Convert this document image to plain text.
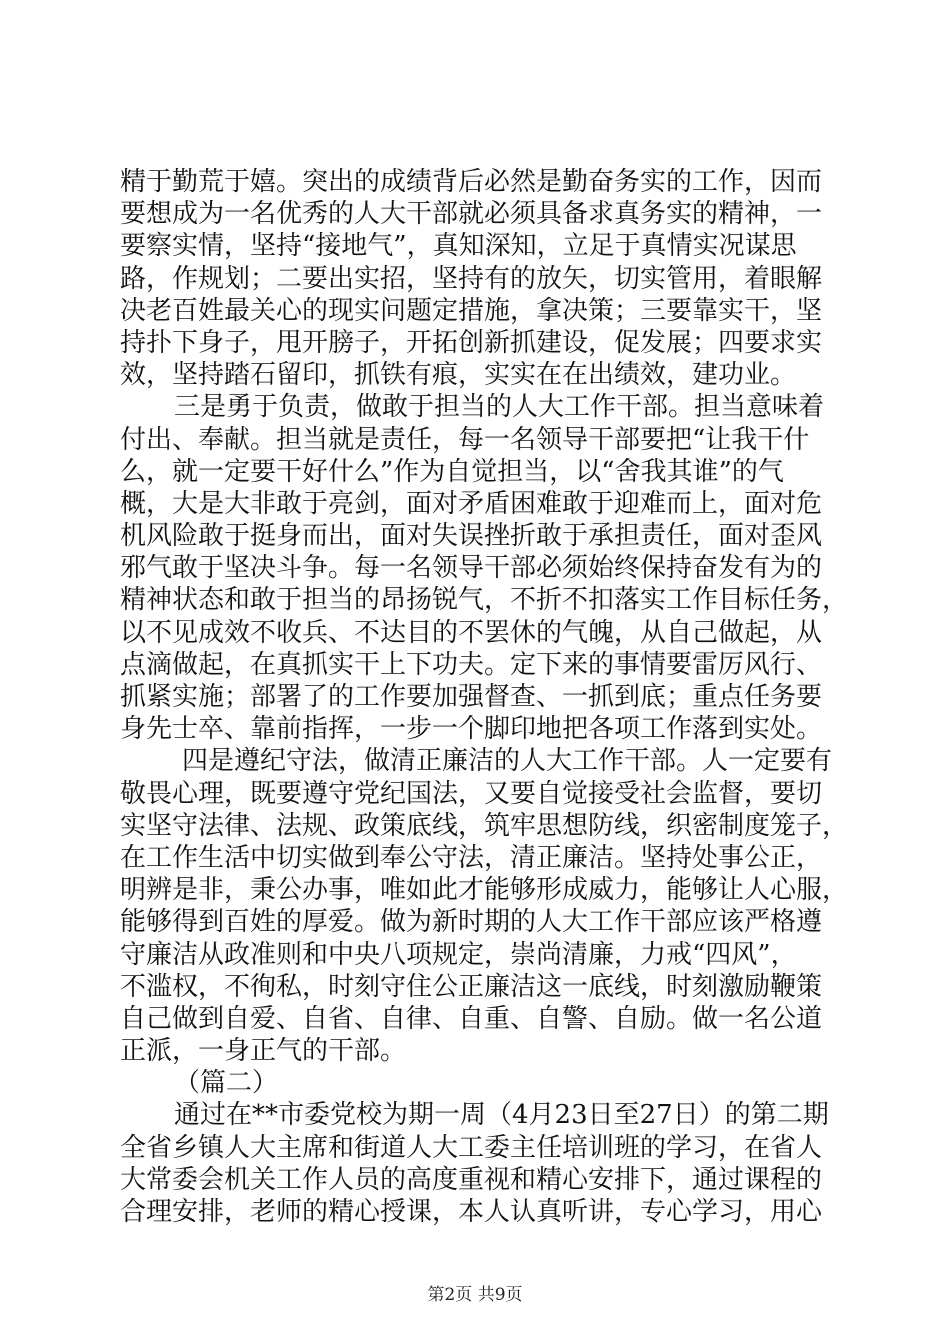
精于勤荒于嬉。突出的成绩背后必然是勤奋务实的工作，因而
要想成为一名优秀的人大干部就必须具备求真务实的精神，一
要察实情，坚持“接地气”，真知深知，立足于真情实况谋思
路，作规划；二要出实招，坚持有的放矢，切实管用，着眼解
决老百姓最关心的现实问题定措施，拿决策；三要靠实干，坚
持扑下身子，甩开膀子，开拓创新抓建设，促发展；四要求实
效，坚持踏石留印，抓铁有痕，实实在在出绩效，建功业。
三是勇于负责，做敢于担当的人大工作干部。担当意味着
付出、奉献。担当就是责任，每一名领导干部要把“让我干什
么，就一定要干好什么”作为自觉担当，以“舍我其谁”的气
概，大是大非敢于亮剑，面对矛盾困难敢于迎难而上，面对危
机风险敢于挺身而出，面对失误挫折敢于承担责任，面对歪风
邪气敢于坚决斗争。每一名领导干部必须始终保持奋发有为的
精神状态和敢于担当的昂扬锐气，不折不扣落实工作目标任务，
以不见成效不收兵、不达目的不罢休的气魄，从自己做起，从
点滴做起，在真抓实干上下功夫。定下来的事情要雷厉风行、
抓紧实施；部署了的工作要加强督查、一抓到底；重点任务要
身先士卒、靠前指挥，一步一个脚印地把各项工作落到实处。
四是遵纪守法，做清正廉洁的人大工作干部。人一定要有
敬畏心理，既要遵守党纪国法，又要自觉接受社会监督，要切
实坚守法律、法规、政策底线，筑牢思想防线，织密制度笼子，
在工作生活中切实做到奉公守法，清正廉洁。坚持处事公正，
明辨是非，秉公办事，唯如此才能够形成威力，能够让人心服，
能够得到百姓的厚爱。做为新时期的人大工作干部应该严格遵
守廉洁从政准则和中央八项规定，崇尚清廉，力戒“四风”，
不滥权，不徇私，时刻守住公正廉洁这一底线，时刻激励鞭策
自己做到自爱、自省、自律、自重、自警、自励。做一名公道
正派，一身正气的干部。
（篇二）
通过在**市委党校为期一周（4月23日至27日）的第二期
全省乡镇人大主席和街道人大工委主任培训班的学习，在省人
大常委会机关工作人员的高度重视和精心安排下，通过课程的
合理安排，老师的精心授课，本人认真听讲，专心学习，用心
第2页 共9页
